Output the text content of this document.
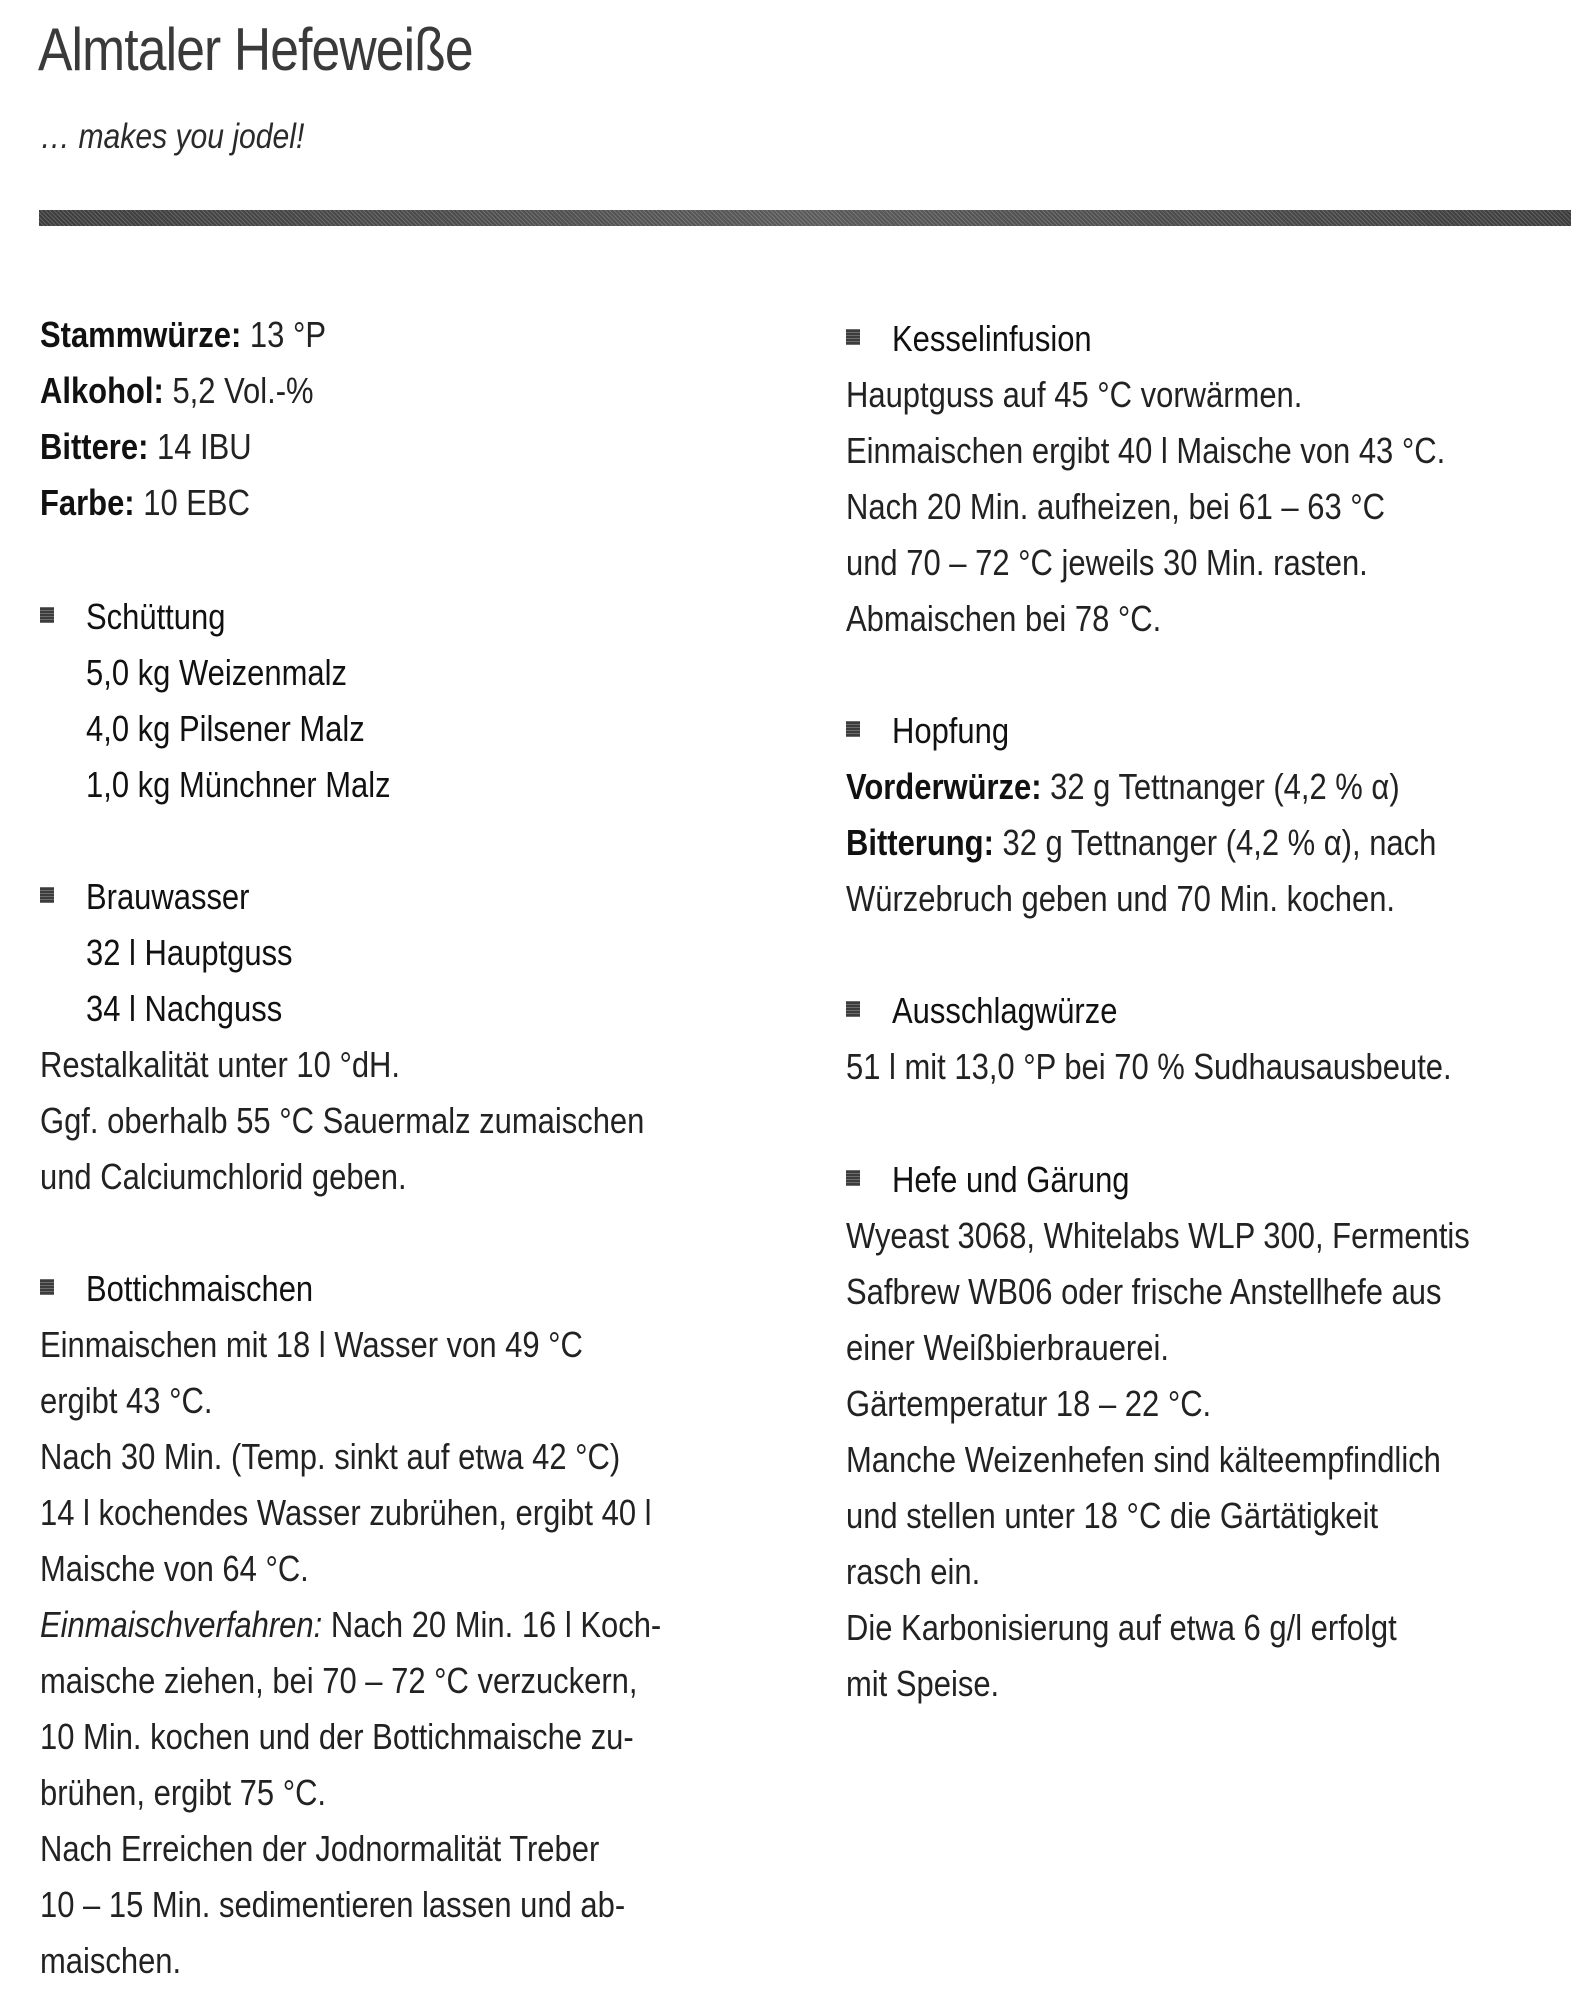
Almtaler Hefeweiße
… makes you jodel!
Stammwürze: 13 °P
Alkohol: 5,2 Vol.-%
Bittere: 14 IBU
Farbe: 10 EBC
Schüttung
5,0 kg Weizenmalz
4,0 kg Pilsener Malz
1,0 kg Münchner Malz
Brauwasser
32 l Hauptguss
34 l Nachguss
Restalkalität unter 10 °dH.
Ggf. oberhalb 55 °C Sauermalz zumaischen
und Calciumchlorid geben.
Bottichmaischen
Einmaischen mit 18 l Wasser von 49 °C
ergibt 43 °C.
Nach 30 Min. (Temp. sinkt auf etwa 42 °C)
14 l kochendes Wasser zubrühen, ergibt 40 l
Maische von 64 °C.
Einmaischverfahren: Nach 20 Min. 16 l Koch-
maische ziehen, bei 70 – 72 °C verzuckern,
10 Min. kochen und der Bottichmaische zu-
brühen, ergibt 75 °C.
Nach Erreichen der Jodnormalität Treber
10 – 15 Min. sedimentieren lassen und ab-
maischen.
Kesselinfusion
Hauptguss auf 45 °C vorwärmen.
Einmaischen ergibt 40 l Maische von 43 °C.
Nach 20 Min. aufheizen, bei 61 – 63 °C
und 70 – 72 °C jeweils 30 Min. rasten.
Abmaischen bei 78 °C.
Hopfung
Vorderwürze: 32 g Tettnanger (4,2 % α)
Bitterung: 32 g Tettnanger (4,2 % α), nach
Würzebruch geben und 70 Min. kochen.
Ausschlagwürze
51 l mit 13,0 °P bei 70 % Sudhausausbeute.
Hefe und Gärung
Wyeast 3068, Whitelabs WLP 300, Fermentis
Safbrew WB06 oder frische Anstellhefe aus
einer Weißbierbrauerei.
Gärtemperatur 18 – 22 °C.
Manche Weizenhefen sind kälteempfindlich
und stellen unter 18 °C die Gärtätigkeit
rasch ein.
Die Karbonisierung auf etwa 6 g/l erfolgt
mit Speise.
